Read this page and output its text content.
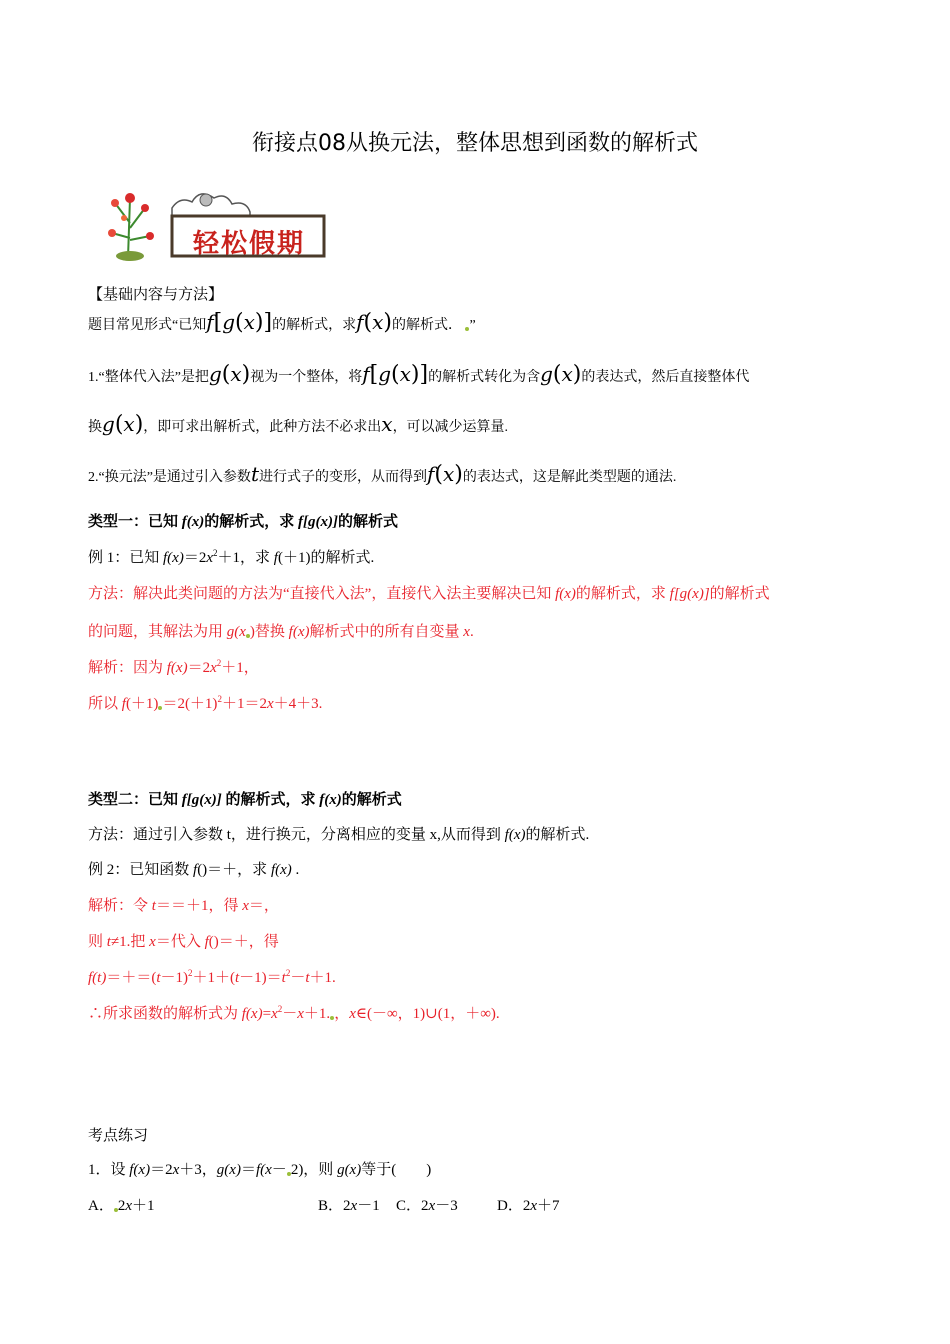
衔接点08从换元法，整体思想到函数的解析式
轻松假期
【基础内容与方法】
题目常见形式“已知f[g(x)]的解析式，求f(x)的解析式． ”
1.“整体代入法”是把g(x)视为一个整体，将f[g(x)]的解析式转化为含g(x)的表达式，然后直接整体代
换g(x)，即可求出解析式，此种方法不必求出x，可以减少运算量.
2.“换元法”是通过引入参数t进行式子的变形，从而得到f(x)的表达式，这是解此类型题的通法.
类型一：已知 f(x)的解析式，求 f[g(x)]的解析式
例 1：已知 $f(x)=2x^2+1$，求 f(＋1)的解析式.
方法：解决此类问题的方法为“直接代入法”，直接代入法主要解决已知 f(x)的解析式，求 f[g(x)]的解析式
的问题，其解法为用 g(x )替换 f(x)解析式中的所有自变量 x.
解析：因为 $f(x)=2x^2+1$，
所以 $f(+1) =2(+1)^2+1=2x+4+3$.
类型二：已知 f[g(x)] 的解析式，求 f(x)的解析式
方法：通过引入参数 t，进行换元，分离相应的变量 x,从而得到 f(x)的解析式.
例 2：已知函数 f()＝＋，求 f(x) .
解析：令 t＝＝＋1，得 x＝，
则 t≠1.把 x＝代入 f()＝＋，得
$f(t)=+=(t-1)^2+1+(t-1)=t^2-t+1$.
∴所求函数的解析式为 $f(x)=x^2-x+1$. ，x∈(－∞，1)∪(1，＋∞).
考点练习
1．设 f(x)＝2x＋3，g(x)＝f(x－ 2)，则 g(x)等于(　　)
A． 2x＋1	B．2x－1 C．2x－3	D．2x＋7
